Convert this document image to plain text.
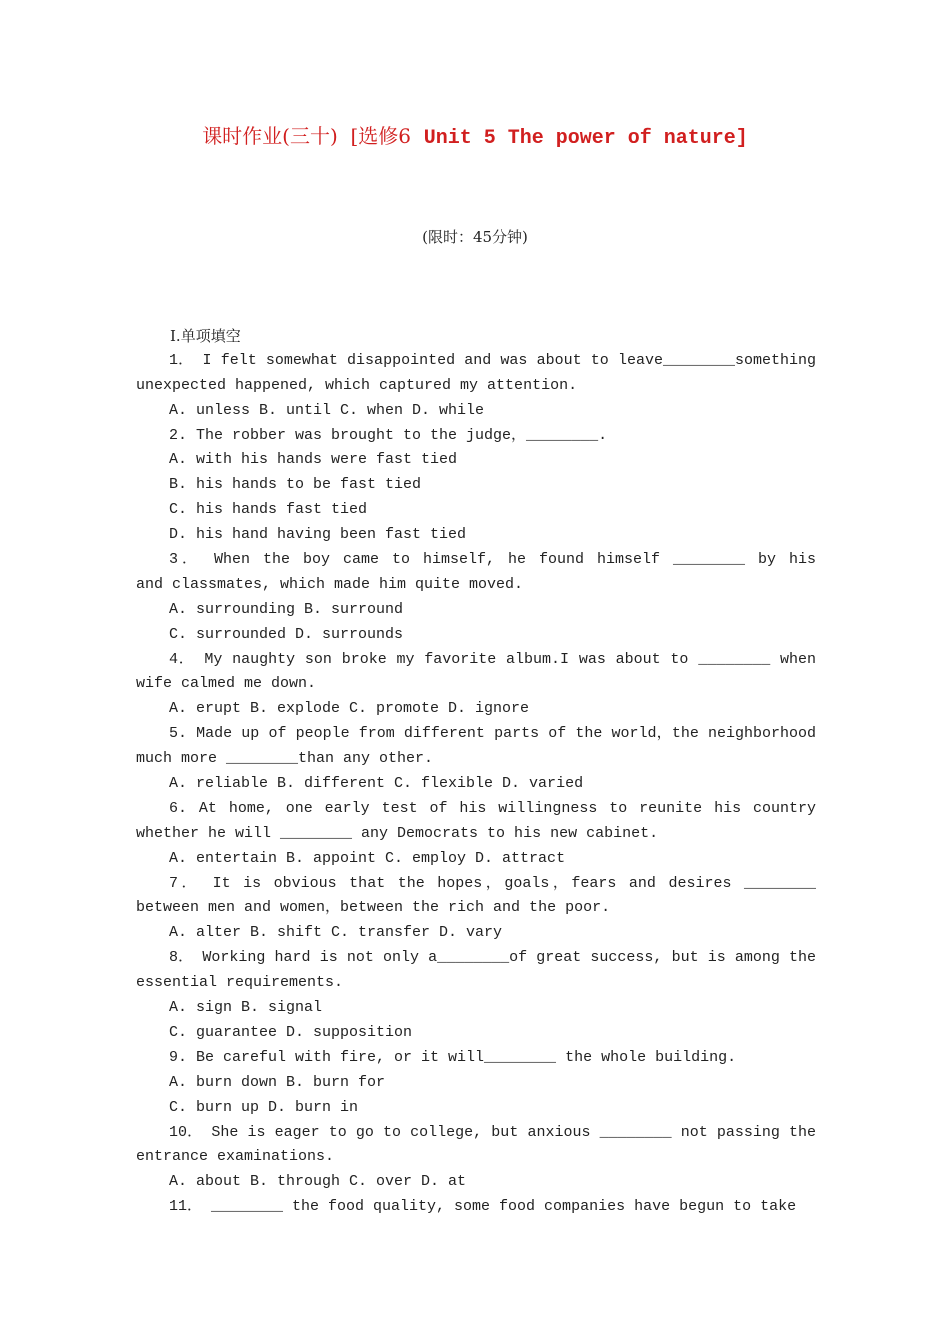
课时作业(三十)  [选修6  Unit 5 The power of nature]
(限时：45分钟)
Ⅰ.单项填空
1． I felt somewhat disappointed and was about to leave________something
unexpected happened, which captured my attention.
A. unless B. until C. when D. while
2. The robber was brought to the judge，________.
A. with his hands were fast tied
B. his hands to be fast tied
C. his hands fast tied
D. his hand having been fast tied
3． When the boy came to himself, he found himself ________ by his
and classmates, which made him quite moved.
A. surrounding B. surround
C. surrounded D. surrounds
4． My naughty son broke my favorite album.I was about to ________ when
wife calmed me down.
A. erupt B. explode C. promote D. ignore
5. Made up of people from different parts of the world，the neighborhood
much more ________than any other.
A. reliable B. different C. flexible D. varied
6. At home, one early test of his willingness to reunite his country
whether he will ________ any Democrats to his new cabinet.
A. entertain B. appoint C. employ D. attract
7． It is obvious that the hopes，goals，fears and desires ________
between men and women，between the rich and the poor.
A. alter B. shift C. transfer D. vary
8． Working hard is not only a________of great success, but is among the
essential requirements.
A. sign B. signal
C. guarantee D. supposition
9. Be careful with fire, or it will________ the whole building.
A. burn down B. burn for
C. burn up D. burn in
10． She is eager to go to college, but anxious ________ not passing the
entrance examinations.
A. about B. through C. over D. at
11． ________ the food quality, some food companies have begun to take
